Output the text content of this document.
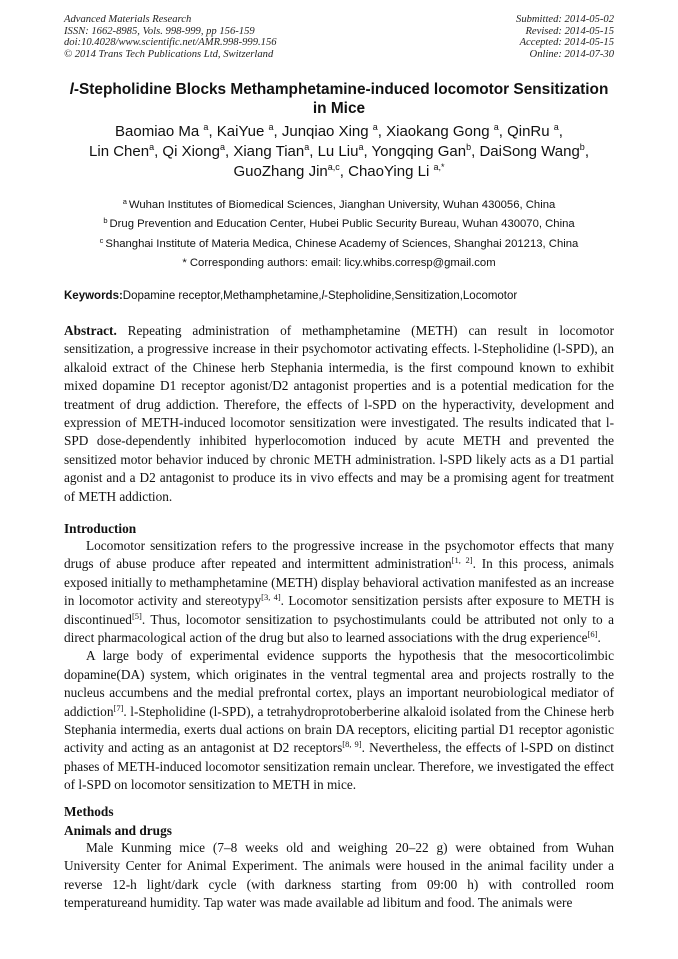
Advanced Materials Research
ISSN: 1662-8985, Vols. 998-999, pp 156-159
doi:10.4028/www.scientific.net/AMR.998-999.156
© 2014 Trans Tech Publications Ltd, Switzerland
Submitted: 2014-05-02
Revised: 2014-05-15
Accepted: 2014-05-15
Online: 2014-07-30
l-Stepholidine Blocks Methamphetamine-induced locomotor Sensitization in Mice
Baomiao Ma $^a$, KaiYue $^a$, Junqiao Xing $^a$, Xiaokang Gong $^a$, QinRu $^a$,
Lin Chen$^a$, Qi Xiong$^a$, Xiang Tian$^a$, Lu Liu$^a$, Yongqing Gan$^b$, DaiSong Wang$^b$,
GuoZhang Jin$^{a,c}$, ChaoYing Li $^{a,*}$
$^a$ Wuhan Institutes of Biomedical Sciences, Jianghan University, Wuhan 430056, China
$^b$ Drug Prevention and Education Center, Hubei Public Security Bureau, Wuhan 430070, China
$^c$ Shanghai Institute of Materia Medica, Chinese Academy of Sciences, Shanghai 201213, China
* Corresponding authors: email: licy.whibs.corresp@gmail.com
Keywords:Dopamine receptor,Methamphetamine,l-Stepholidine,Sensitization,Locomotor
Abstract. Repeating administration of methamphetamine (METH) can result in locomotor sensitization, a progressive increase in their psychomotor activating effects. l-Stepholidine (l-SPD), an alkaloid extract of the Chinese herb Stephania intermedia, is the first compound known to exhibit mixed dopamine D1 receptor agonist/D2 antagonist properties and is a potential medication for the treatment of drug addiction. Therefore, the effects of l-SPD on the hyperactivity, development and expression of METH-induced locomotor sensitization were investigated. The results indicated that l-SPD dose-dependently inhibited hyperlocomotion induced by acute METH and prevented the sensitized motor behavior induced by chronic METH administration. l-SPD likely acts as a D1 partial agonist and a D2 antagonist to produce its in vivo effects and may be a promising agent for treatment of METH addiction.
Introduction

Locomotor sensitization refers to the progressive increase in the psychomotor effects that many drugs of abuse produce after repeated and intermittent administration[1, 2]. In this process, animals exposed initially to methamphetamine (METH) display behavioral activation manifested as an increase in locomotor activity and stereotypy[3, 4]. Locomotor sensitization persists after exposure to METH is discontinued[5]. Thus, locomotor sensitization to psychostimulants could be attributed not only to a direct pharmacological action of the drug but also to learned associations with the drug experience[6].

A large body of experimental evidence supports the hypothesis that the mesocorticolimbic dopamine(DA) system, which originates in the ventral tegmental area and projects rostrally to the nucleus accumbens and the medial prefrontal cortex, plays an important neurobiological mediator of addiction[7]. l-Stepholidine (l-SPD), a tetrahydroprotoberberine alkaloid isolated from the Chinese herb Stephania intermedia, exerts dual actions on brain DA receptors, eliciting partial D1 receptor agonistic activity and acting as an antagonist at D2 receptors[8, 9]. Nevertheless, the effects of l-SPD on distinct phases of METH-induced locomotor sensitization remain unclear. Therefore, we investigated the effect of l-SPD on locomotor sensitization to METH in mice.

Methods
Animals and drugs

Male Kunming mice (7–8 weeks old and weighing 20–22 g) were obtained from Wuhan University Center for Animal Experiment. The animals were housed in the animal facility under a reverse 12-h light/dark cycle (with darkness starting from 09:00 h) with controlled room temperatureand humidity. Tap water was made available ad libitum and food. The animals were
